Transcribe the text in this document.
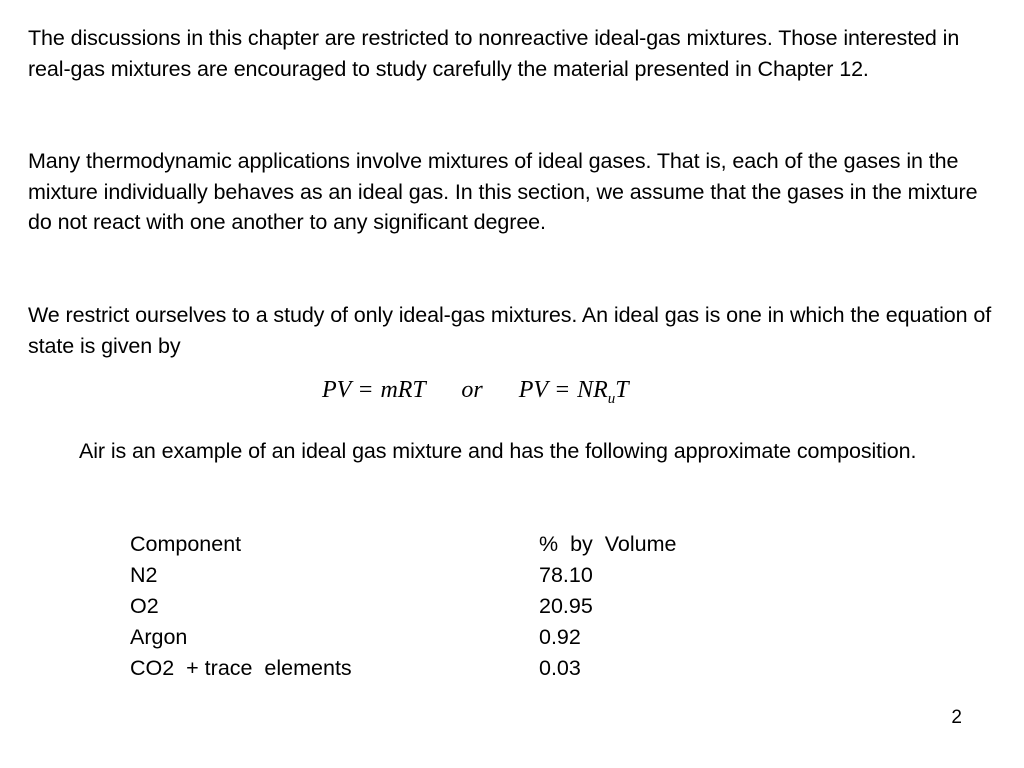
The discussions in this chapter are restricted to nonreactive ideal-gas mixtures. Those interested in real-gas mixtures are encouraged to study carefully the material presented in Chapter 12.

Many thermodynamic applications involve mixtures of ideal gases. That is, each of the gases in the mixture individually behaves as an ideal gas. In this section, we assume that the gases in the mixture do not react with one another to any significant degree.

We restrict ourselves to a study of only ideal-gas mixtures. An ideal gas is one in which the equation of state is given by

PV = mRT or PV = $NR_uT$

Air is an example of an ideal gas mixture and has the following approximate composition.

Component	%  by  Volume
N2	78.10
O2	20.95
Argon	0.92
CO2  + trace  elements	0.03
2
